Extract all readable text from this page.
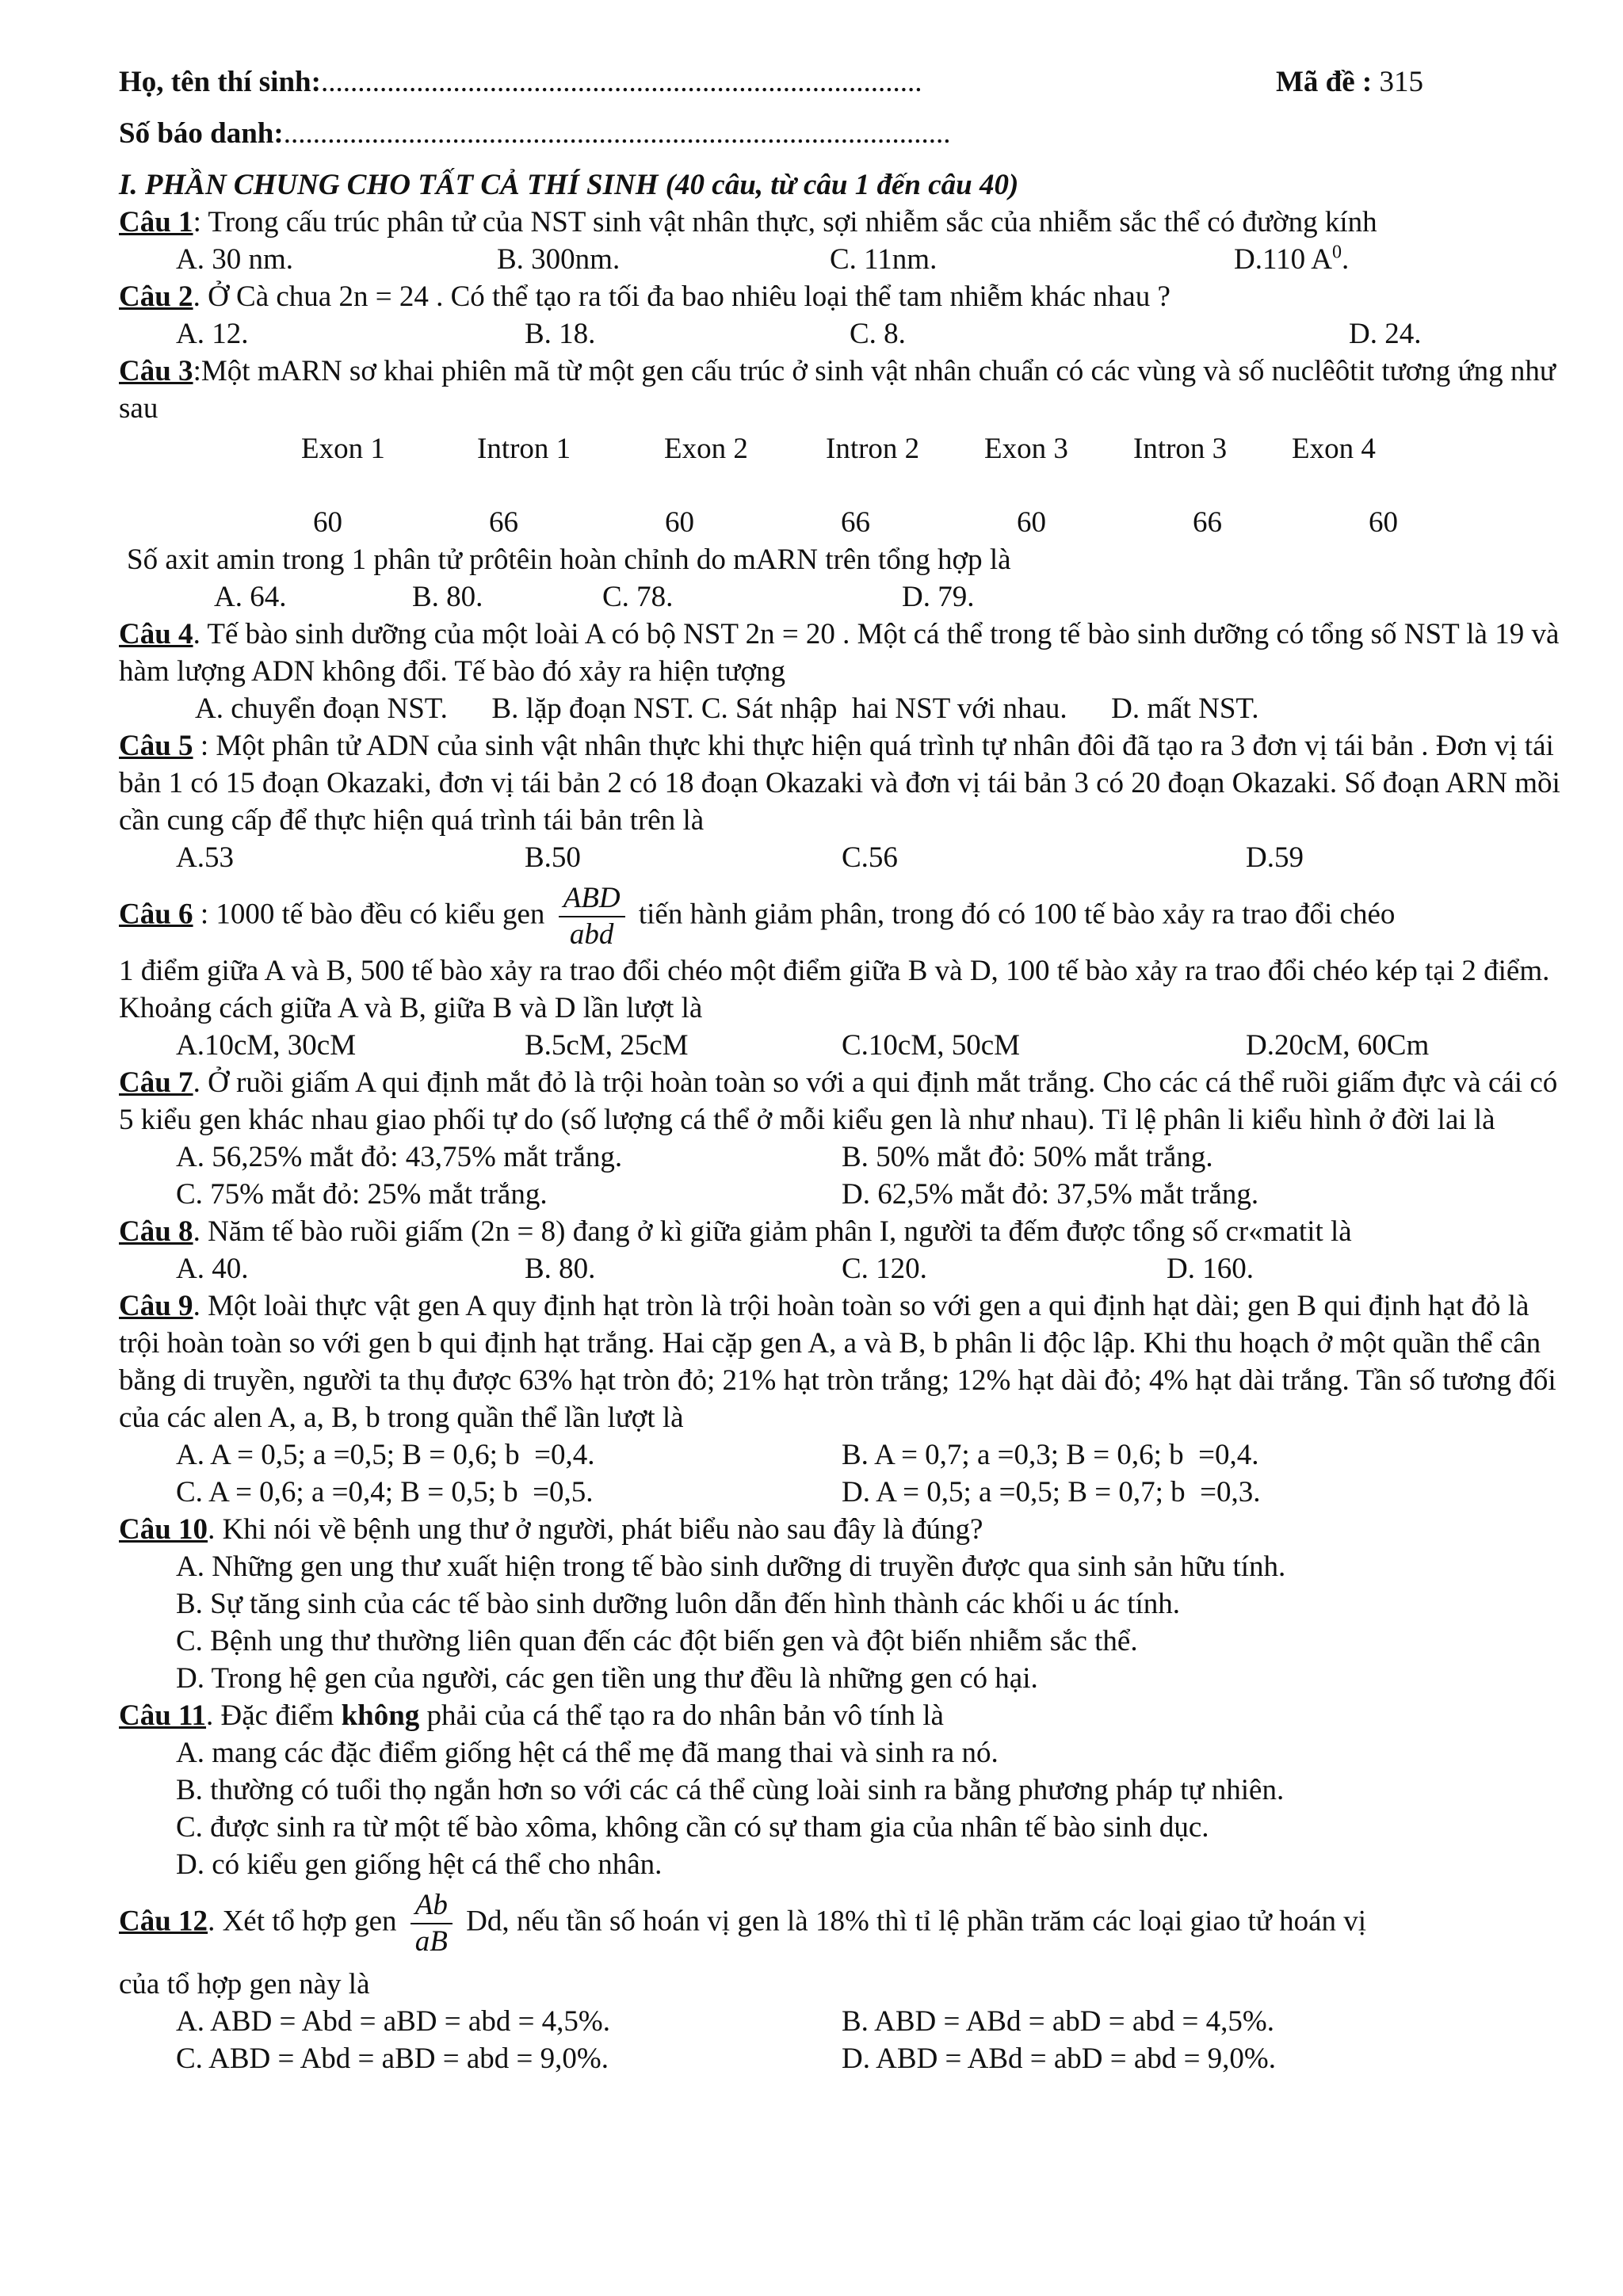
Họ, tên thí sinh:..................................................................................	Mã đề : 315
Số báo danh:...........................................................................................
I. PHẦN CHUNG CHO TẤT CẢ THÍ SINH (40 câu, từ câu 1 đến câu 40)
Câu 1: Trong cấu trúc phân tử của NST sinh vật nhân thực, sợi nhiễm sắc của nhiễm sắc thể có đường kính
A. 30 nm.	B. 300nm.	C. 11nm.	D.110 $A^0$.
Câu 2. Ở Cà chua 2n = 24 . Có thể tạo ra tối đa bao nhiêu loại thể tam nhiễm khác nhau ?
A. 12.	B. 18.	C. 8.	D. 24.
Câu 3:Một mARN sơ khai phiên mã từ một gen cấu trúc ở sinh vật nhân chuẩn có các vùng và số nuclêôtit tương ứng như sau
Exon 1	Intron 1	Exon 2	Intron 2	Exon 3	Intron 3	Exon 4
60	66	60	66	60	66	60
Số axit amin trong 1 phân tử prôtêin hoàn chỉnh do mARN trên tổng hợp là
A. 64.	B. 80.	C. 78.	D. 79.
Câu 4. Tế bào sinh dưỡng của một loài A có bộ NST 2n = 20 . Một cá thể trong tế bào sinh dưỡng có tổng số NST là 19 và hàm lượng ADN không đổi. Tế bào đó xảy ra hiện tượng
A. chuyển đoạn NST.      B. lặp đoạn NST. C. Sát nhập  hai NST với nhau.      D. mất NST.
Câu 5 : Một phân tử ADN của sinh vật nhân thực khi thực hiện quá trình tự nhân đôi đã tạo ra 3 đơn vị tái bản . Đơn vị tái bản 1 có 15 đoạn Okazaki, đơn vị tái bản 2 có 18 đoạn Okazaki và đơn vị tái bản 3 có 20 đoạn Okazaki. Số đoạn ARN mồi cần cung cấp để thực hiện quá trình tái bản trên là
A.53	B.50	C.56	D.59
Câu 6 : 1000 tế bào đều có kiểu gen $\frac{\text{ABD}}{\text{abd}}$ tiến hành giảm phân, trong đó có 100 tế bào xảy ra trao đổi chéo
1 điểm giữa A và B, 500 tế bào xảy ra trao đổi chéo một điểm giữa B và D, 100 tế bào xảy ra trao đổi chéo kép tại 2 điểm. Khoảng cách giữa A và B, giữa B và D lần lượt là
A.10cM, 30cM	B.5cM, 25cM	C.10cM, 50cM	D.20cM, 60Cm
Câu 7. Ở ruồi giấm A qui định mắt đỏ là trội hoàn toàn so với a qui định mắt trắng. Cho các cá thể ruồi giấm đực và cái có 5 kiểu gen khác nhau giao phối tự do (số lượng cá thể ở mỗi kiểu gen là như nhau). Tỉ lệ phân li kiểu hình ở đời lai là
A. 56,25% mắt đỏ: 43,75% mắt trắng.	B. 50% mắt đỏ: 50% mắt trắng.
C. 75% mắt đỏ: 25% mắt trắng.	D. 62,5% mắt đỏ: 37,5% mắt trắng.
Câu 8. Năm tế bào ruồi giấm (2n = 8) đang ở kì giữa giảm phân I, người ta đếm được tổng số cr«matit là
A. 40.	B. 80.	C. 120.	D. 160.
Câu 9. Một loài thực vật gen A quy định hạt tròn là trội hoàn toàn so với gen a qui định hạt dài; gen B qui định hạt đỏ là trội hoàn toàn so với gen b qui định hạt trắng. Hai cặp gen A, a và B, b phân li độc lập. Khi thu hoạch ở một quần thể cân bằng di truyền, người ta thụ được 63% hạt tròn đỏ; 21% hạt tròn trắng; 12% hạt dài đỏ; 4% hạt dài trắng. Tần số tương đối của các alen A, a, B, b trong quần thể lần lượt là
A. A = 0,5; a =0,5; B = 0,6; b  =0,4.	B. A = 0,7; a =0,3; B = 0,6; b  =0,4.
C. A = 0,6; a =0,4; B = 0,5; b  =0,5.	D. A = 0,5; a =0,5; B = 0,7; b  =0,3.
Câu 10. Khi nói về bệnh ung thư ở người, phát biểu nào sau đây là đúng?
A. Những gen ung thư xuất hiện trong tế bào sinh dưỡng di truyền được qua sinh sản hữu tính.
B. Sự tăng sinh của các tế bào sinh dưỡng luôn dẫn đến hình thành các khối u ác tính.
C. Bệnh ung thư thường liên quan đến các đột biến gen và đột biến nhiễm sắc thể.
D. Trong hệ gen của người, các gen tiền ung thư đều là những gen có hại.
Câu 11. Đặc điểm không phải của cá thể tạo ra do nhân bản vô tính là
A. mang các đặc điểm giống hệt cá thể mẹ đã mang thai và sinh ra nó.
B. thường có tuổi thọ ngắn hơn so với các cá thể cùng loài sinh ra bằng phương pháp tự nhiên.
C. được sinh ra từ một tế bào xôma, không cần có sự tham gia của nhân tế bào sinh dục.
D. có kiểu gen giống hệt cá thể cho nhân.
Câu 12. Xét tổ hợp gen $\frac{Ab}{aB} Dd$, nếu tần số hoán vị gen là 18% thì tỉ lệ phần trăm các loại giao tử hoán vị
của tổ hợp gen này là
A. ABD = Abd = aBD = abd = 4,5%.	B. ABD = ABd = abD = abd = 4,5%.
C. ABD = Abd = aBD = abd = 9,0%.	D. ABD = ABd = abD = abd = 9,0%.
